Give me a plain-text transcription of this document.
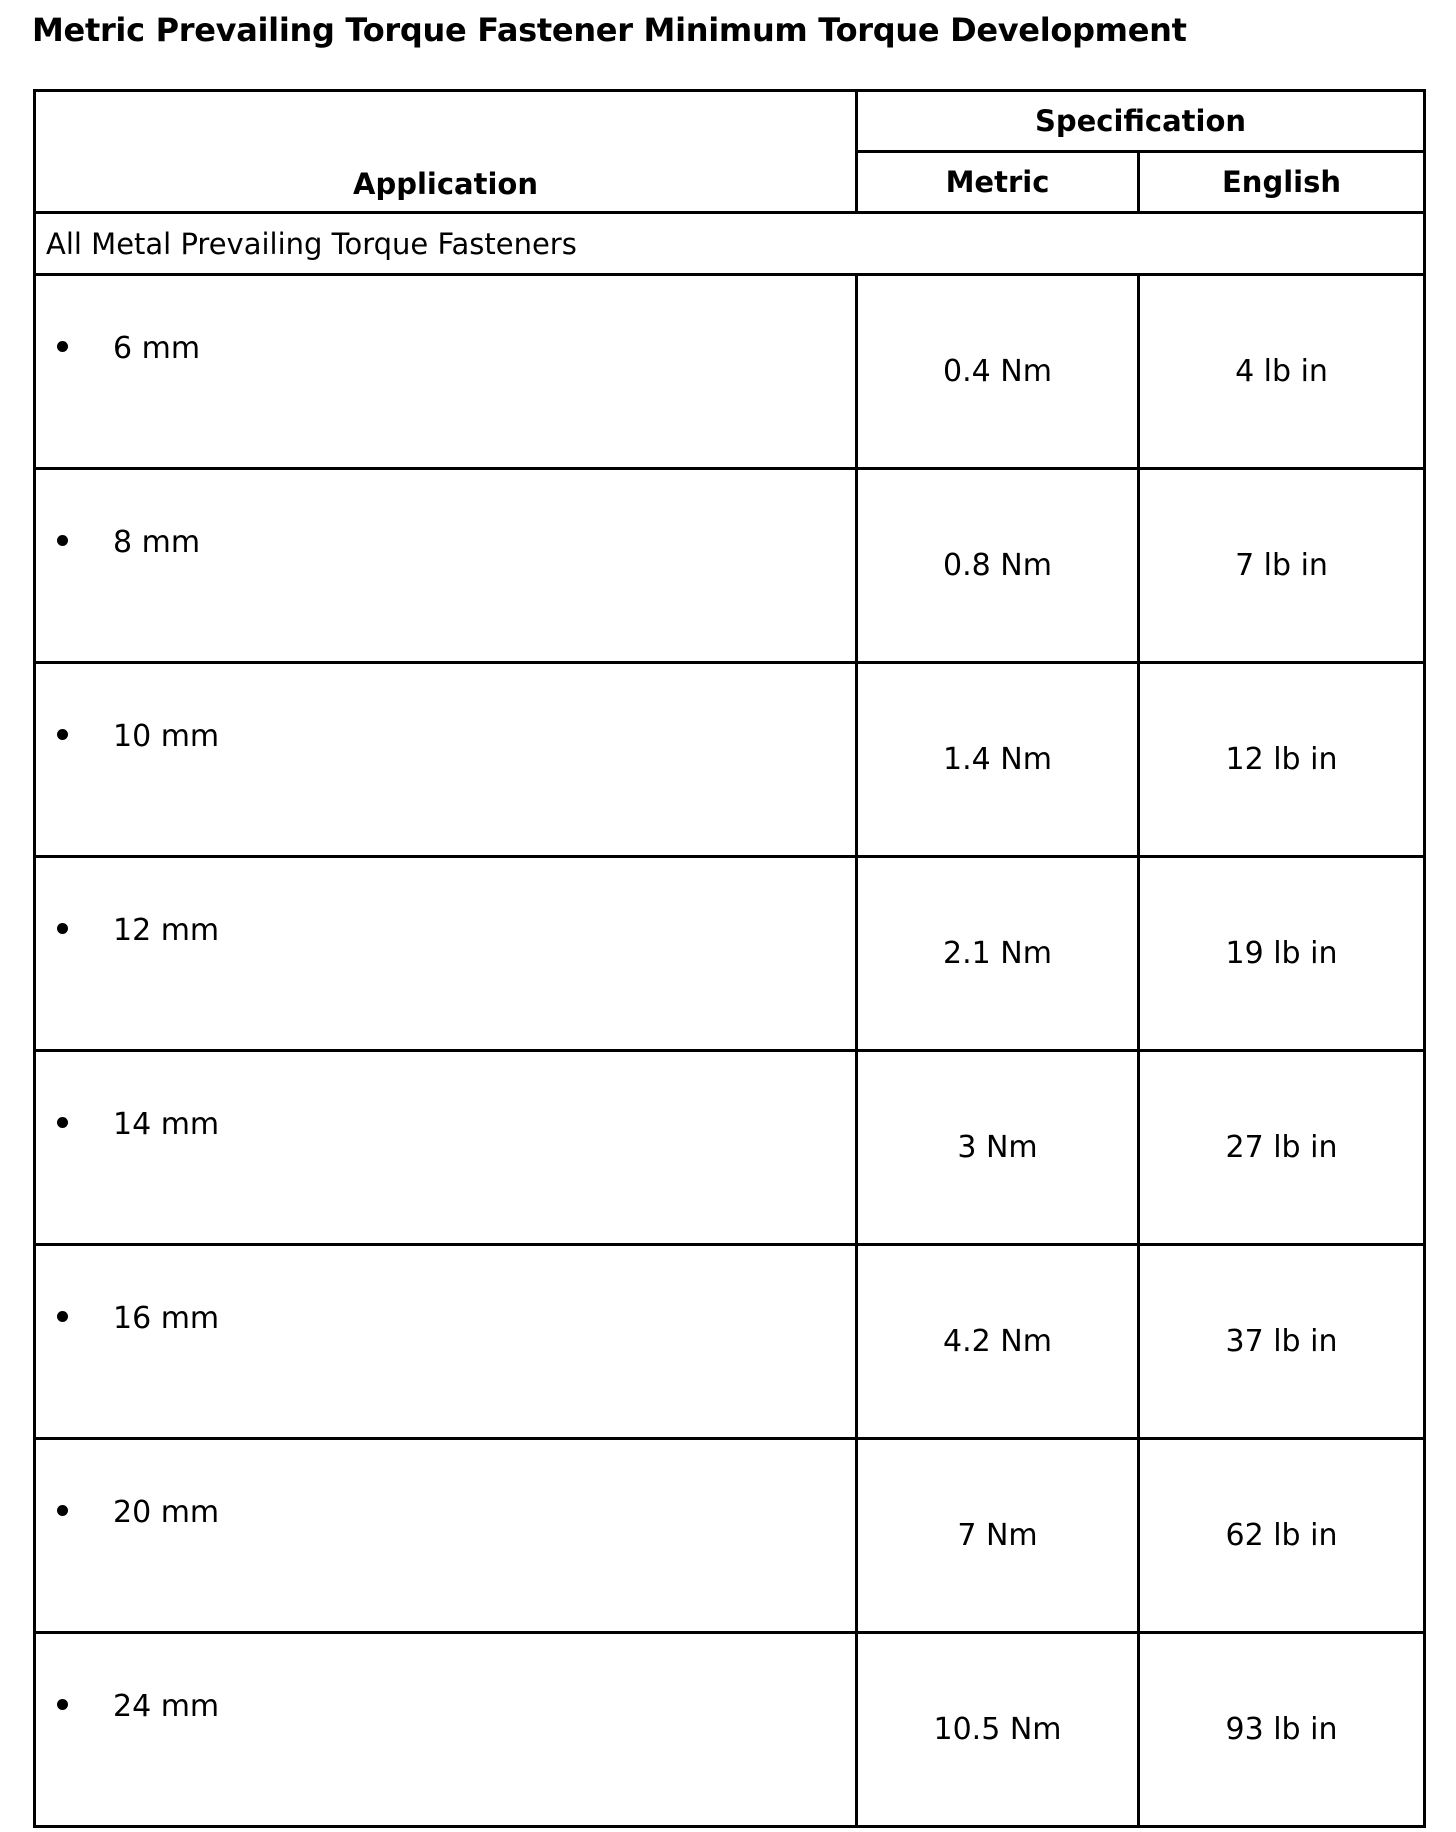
Metric Prevailing Torque Fastener Minimum Torque Development
Application	Specification	
	Metric	English
All Metal Prevailing Torque Fasteners		
6 mm	0.4 Nm	4 lb in
8 mm	0.8 Nm	7 lb in
10 mm	1.4 Nm	12 lb in
12 mm	2.1 Nm	19 lb in
14 mm	3 Nm	27 lb in
16 mm	4.2 Nm	37 lb in
20 mm	7 Nm	62 lb in
24 mm	10.5 Nm	93 lb in
